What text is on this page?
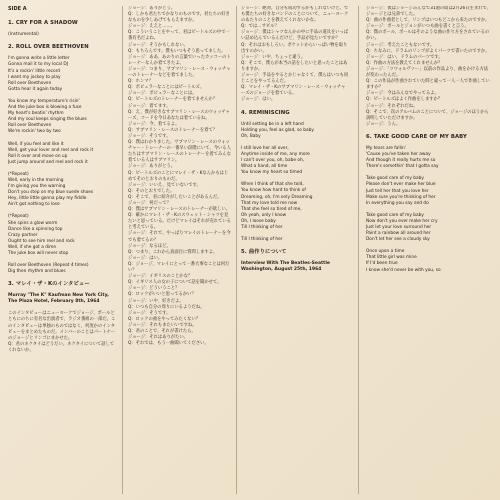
SIDE A
1. CRY FOR A SHADOW
(Instrumental)
2. ROLL OVER BEETHOVEN

I'm gonna write a little letter

Gonna mail it to my local DJ

It's a rockin' little record

I want my jockey to play

Roll over Beethoven

Gotta hear it again today

You know my temperature's risin'

And the juke box is blowing a fuse

My heart's beatin' rhythm

And my soul keeps singing the blues

Roll over Beethoven

We're rockin' two by two

Well, if you feel and like it

Well, get your lover and reel and rock it

Roll it over and move on up

Just jump around and reel and rock it

(*Repeat)

Well, early in the morning

I'm giving you the warning

Don't you step on my blue suede shoes

Hey, little little gonna play my fiddle

Ain't got nothing to lose

(*Repeat)

She spins a glow worm

Dance like a spinning top

Crazy partner

Ought to see him reel and rock

Well, if she got a dime

The juke box will never stop

Roll over Beethoven (Repeat 4 times)

Dig then rhythm and blues

3. マレイ・ザ・Kのインタビュー
Murray "The K" Kaufman New York City, The Plaza Hotel, February 8th, 1964

このインタビューはニューヨークでジョージ、ポールとともにのちに有名な出演者で、ラジオ番組の一部だ。このインタビューは単独のものではなく、何度かのインタビューをまとめたものだ。メンバーのことはパートナーのジョージとリンゴにまかせた。

Q：君のネクタイはどうだい。ネクタイについて話してくれないか。

ジョージ：ありがとう。

Q：しかも君たちでかなりのものです。君たちの好きなものを少しあげてもらえますか。

ジョージ：ええと……。

Q：こういうことをやって、君はビートルズの中で一番有名だよね。

ジョージ：そうかもしれない。

Q：もちろんです。僕もいつもそう思ってました。

ジョージ：ああ、あのりの言葉でいったカッコーのトレーナーなんか着てきたよ。

ジョージ：つまり、サブマリン・レース・ウォッチャーのトレーナーなどを着てました。

Q：ホンマ？

Q：ポピュラーなことにはビートルズ。

ジョージ：ポピュラーなことには。

Q：ビートルズのトレーナーを着てませんか？

ジョージ：着てます。

Q：え、僕が好きなサブマリン・レースのウォッチャーズ、コードを今日あなたは着ているね。

ジョージ：今、着てるよ。

Q：サブマリン・レースのトレーナーを着て？

ジョージ：そうです。

Q：僕はわかりました。サブマリン・レースのウォッチャー・トレーナーの一番早い段階にいて、今いる人たちはサブマリン・レースのトレーナーを着てみんな着ている人はサブマリン。

ジョージ：ありがとう。

Q：ビートルズのことにマレイ・ザ・Kなんかもはじめてそのとおりのものだ。

ジョージ：いいえ、見ていないです。

Q：そのとおりでした。

Q：そこで、君に紹介がしたいことがあるんだ。

ジョージ：何だって？

Q：僕はサブマリン・レースのトレーナーが欲しい。

Q：確かにマレイ・ザ・Kのスウェット・シャツを見たいと思っている。だけどマレイはそれが売れていると考えている。

ジョージ：それで、やっぱりマレイのトレーナーを今でも着てるの？

ジョージ：なるほど。

Q：つまり、これから真面目に質問しますよ。

ジョージ：はい。

Q：ジョージ、マレイにとって一番大事なことは何だい？

ジョージ：イギリスのことかな？

Q：イギリス人の女の子について話を聞かせて。

ジョージ：どういうこと？

Q：ロックがいいと思ってるかい？

ジョージ：いや、好きだよ。

Q：いつも自分の周りにいるようだね。

ジョージ：そうです。

Q：ロックの曲をやってみたくない？

ジョージ：それもまたいいですね。

Q：君のことで、それが書けたら。

ジョージ：それはありがたい。

Q：それでは、もう一曲聞いてください。

ジョージ：絶対。自分も成功するかもしれないけど。でも僕たちの好きなバンドのことについて、ニューヨークのあたりのことを教えてくれないかな。

Q：では…サビル？

ジョージ：僕はシャツなんかの中に手品の道具をいっぱい詰め込んでいるんだけど、手品が見たいですか？

Q：それはおもしろい。ポケットからいっぱい物を取り出すのかい。

ジョージ：いや、ちょっと違う。

Q：そこで、僕らが本当の話をしたいと思ったことはありますか。

ジョージ：手品をやるとかじゃなくて、僕らはいつも同じことをやってるんだ。

Q：マレイ・ザ・Kのサブマリン・レース・ウォッチャーズのジョージを着ている。

ジョージ：はい。

4. REMINISCING

Until setting be in a left hand

Holding you, feel as glad, so baby

Oh, Baby

I still love her all over,

Anytime inside of me, any more

I can't over you, oh, babe oh,

What a hand, all time

You know my heart so timed

When I think of that she told,

You know how hard to think of

Dreaming, oh, I'm only Dreaming

That my love told me now

That she feel so tired of me,

Oh yeah, only I know

Oh, I loose baby

Till I thinking of her

Till I thinking of her

5. 曲作りについて
Interview With The Beatles-Seattle Washington, August 25th, 1964

ジョージ：僕はジョージみんなで31週の間は2月26日生まれで、ジョージとは兄弟でした。

Q：曲の作曲者として、リンゴはいつもどこから来たのですか。

ジョージ：ポールとジョンがいつも曲を書くと言う。

Q：僕のポール、ポールはそのような曲の作り方をされているのかい。

ジョージ：考えたこともないです。

Q：ちなみに、ドラムのリンゴがよくパーツで書いたのですか。

ジョージ：はい、ドラムのパーツです。

Q：作曲の方法を教えてくれませんか？

ジョージ：「ツウォルヴァー」以前の作品より、曲をかける方法が変わったんだ。

Q：この作品が作曲されていた時と違って一人一人で作曲していますか？

ジョージ：今はみんなでやってるよ。

Q：ビートルズはよく作曲をしますか？

ジョージ：それぞれだね。

Q：そこで、次のアルバムのことについて、ジョージのほうから説明していただけますか。

ジョージ：うん。

6. TAKE GOOD CARE OF MY BABY

My tears are fallin'

'Cause you've taken her away

And though it really hurts me so

There's somethin' that I gotta say

Take good care of my baby

Please don't ever make her blue

Just tell her that you love her

Make sure you're thinking of her

In everything you say and do

Take good care of my baby

Now don't you ever make her cry

Just let your love surround her

Paint a rainbow all around her

Don't let her see a cloudy sky

Once upon a time

That little girl was mine

If I'd been true

I know she'd never be with you, so
